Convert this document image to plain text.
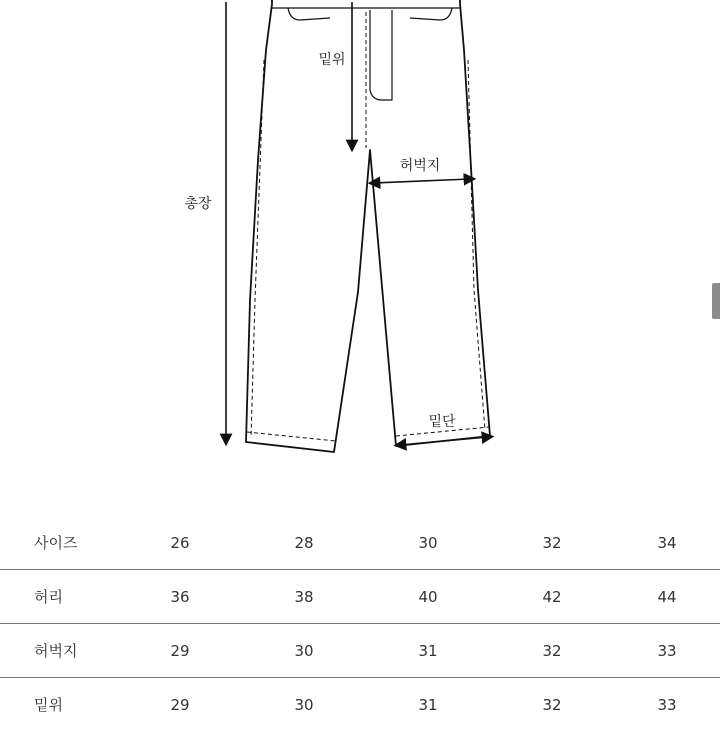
밑위
허벅지
총장
밑단
사이즈	26	28	30	32	34
허리	36	38	40	42	44
허벅지	29	30	31	32	33
밑위	29	30	31	32	33
